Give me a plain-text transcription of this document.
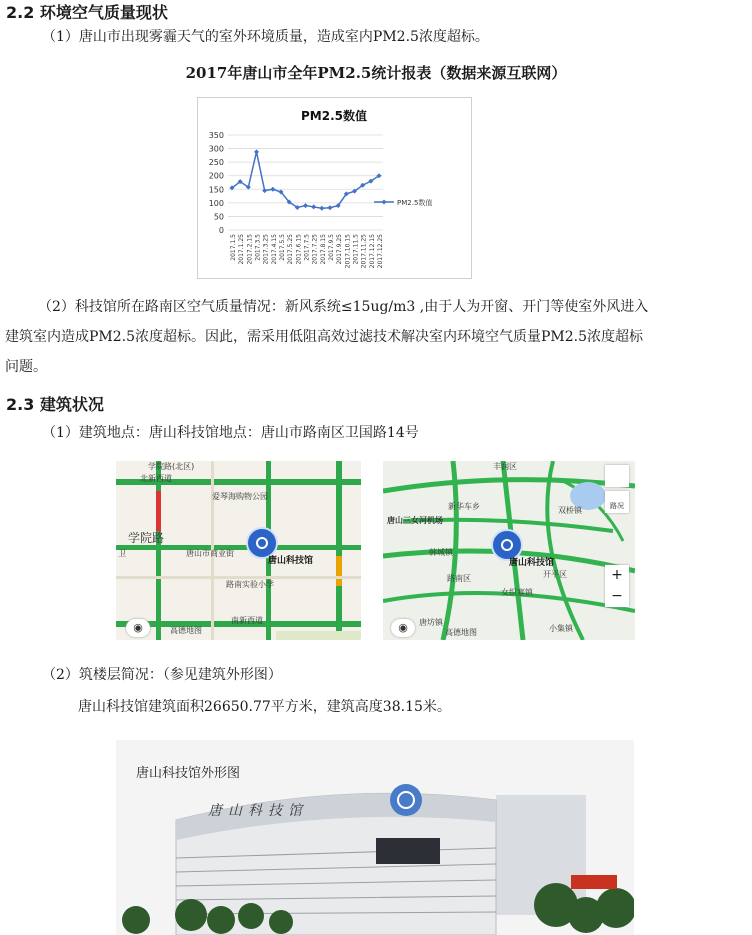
2.2 环境空气质量现状
（1）唐山市出现雾霾天气的室外环境质量，造成室内PM2.5浓度超标。
2017年唐山市全年PM2.5统计报表（数据来源互联网）
PM2.5数值
0
50
100
150
200
250
300
350
2017.1.5 2017.1.25 2017.2.15 2017.3.5 2017.3.25 2017.4.15 2017.5.5 2017.5.25 2017.6.15 2017.7.5 2017.7.25 2017.8.15 2017.9.5 2017.9.25 2017.10.15 2017.11.5 2017.11.25 2017.12.15 2017.12.25
PM2.5数值
（2）科技馆所在路南区空气质量情况：新风系统≤15ug/m3 ,由于人为开窗、开门等使室外风进入
建筑室内造成PM2.5浓度超标。因此，需采用低阻高效过滤技术解决室内环境空气质量PM2.5浓度超标
问题。
2.3 建筑状况
（1）建筑地点：唐山科技馆地点：唐山市路南区卫国路14号
学院路(北区)
北新西道
爱琴海购物公园
学院路
卫	唐山市商业街
唐山科技馆
路南实验小学
南新西道
◉	高德地图
路况
丰润区
新华车乡
唐山三女河机场
韩城镇
唐山科技馆
路南区	开平区
双桥镇
女织寨镇
小集镇
唐坊镇
+
−
◉	高德地图
（2）筑楼层简况：（参见建筑外形图）
唐山科技馆建筑面积26650.77平方米，建筑高度38.15米。
唐山科技馆外形图
唐山科技馆
